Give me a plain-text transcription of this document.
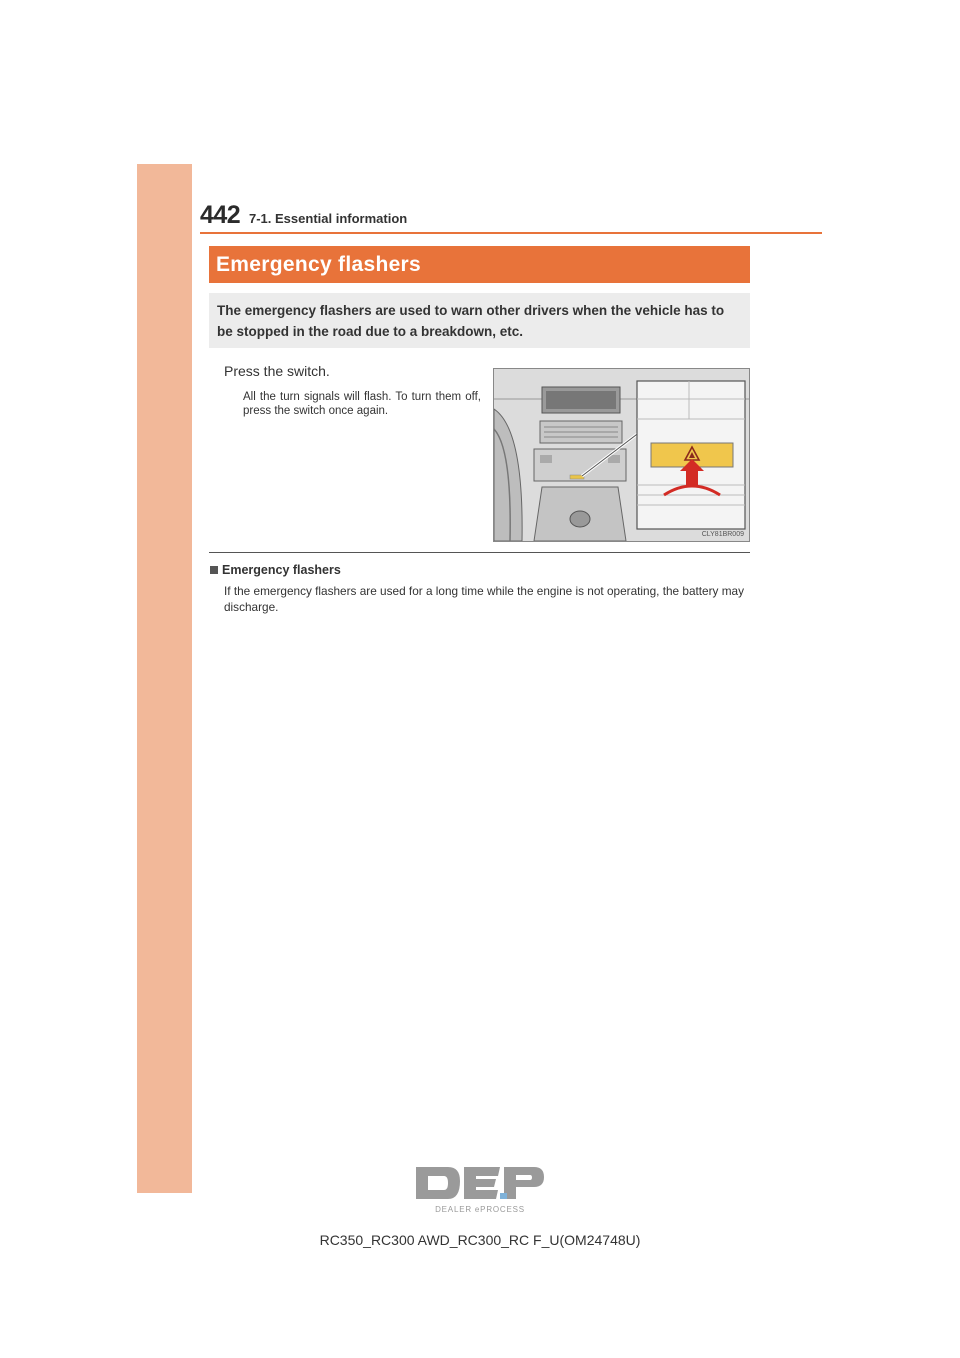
442 7-1. Essential information
Emergency flashers
The emergency flashers are used to warn other drivers when the vehicle has to be stopped in the road due to a breakdown, etc.
Press the switch.
All the turn signals will flash. To turn them off, press the switch once again.
CLY81BR009
Emergency flashers
If the emergency flashers are used for a long time while the engine is not operating, the battery may discharge.
DEALER ePROCESS
RC350_RC300 AWD_RC300_RC F_U(OM24748U)
